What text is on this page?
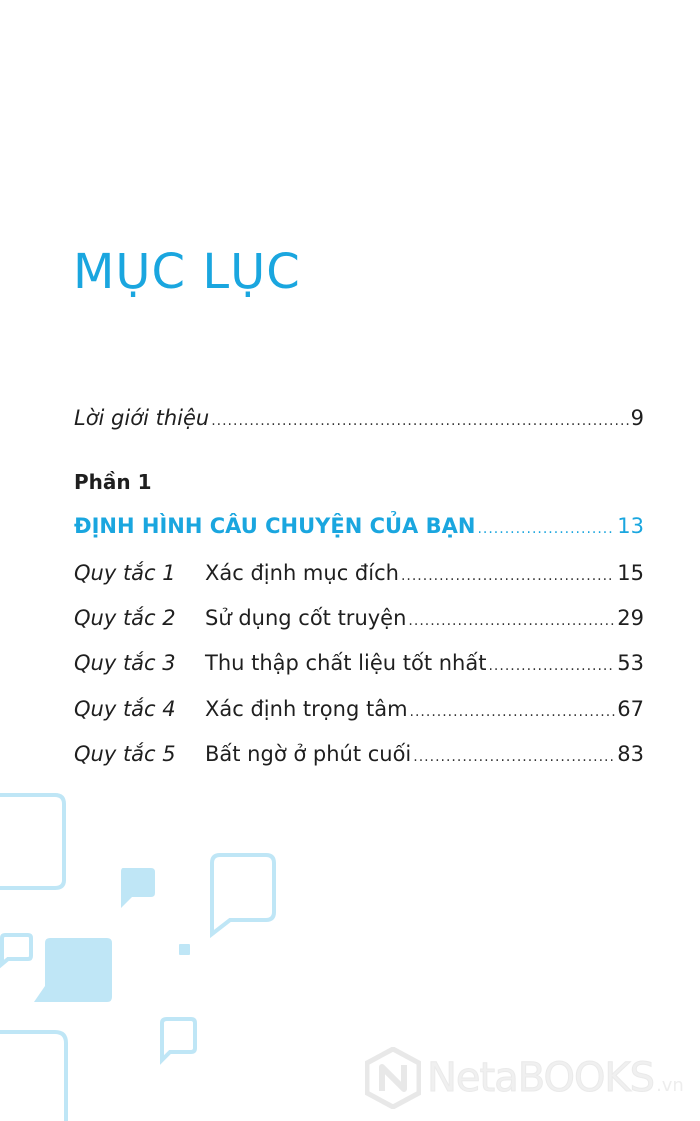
MỤC LỤC
Lời giới thiệu .....	9
Phần 1
ĐỊNH HÌNH CÂU CHUYỆN CỦA BẠN .....	13
Quy tắc 1	Xác định mục đích .....	15
Quy tắc 2	Sử dụng cốt truyện .....	29
Quy tắc 3	Thu thập chất liệu tốt nhất .....	53
Quy tắc 4	Xác định trọng tâm .....	67
Quy tắc 5	Bất ngờ ở phút cuối .....	83
NetaBOOKS .vn
